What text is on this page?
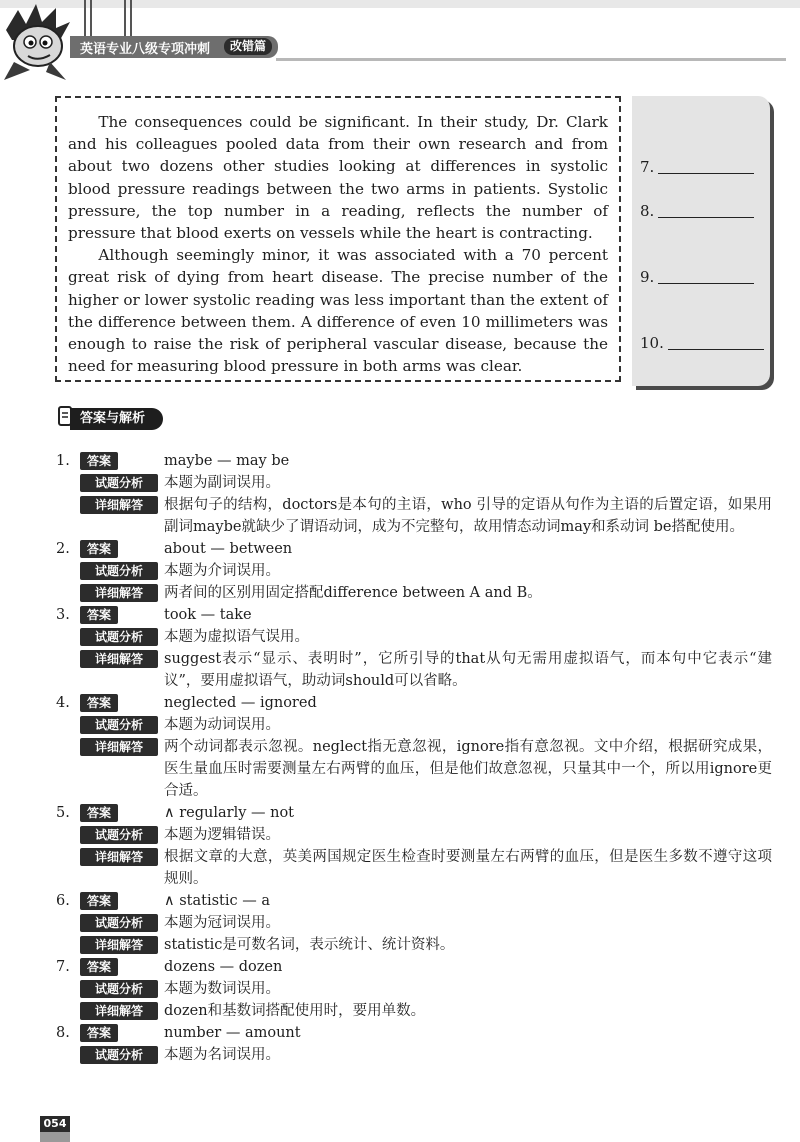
英语专业八级专项冲刺	改错篇

The consequences could be significant. In their study, Dr. Clark and his colleagues pooled data from their own research and from about two dozens other studies looking at differences in systolic blood pressure readings between the two arms in patients. Systolic pressure, the top number in a reading, reflects the number of pressure that blood exerts on vessels while the heart is contracting.

Although seemingly minor, it was associated with a 70 percent great risk of dying from heart disease. The precise number of the higher or lower systolic reading was less important than the extent of the difference between them. A difference of even 10 millimeters was enough to raise the risk of peripheral vascular disease, because the need for measuring blood pressure in both arms was clear.

7.
8.
9.
10.
答案与解析
1.	答案	maybe — may be
试题分析	本题为副词误用。
详细解答	根据句子的结构，doctors是本句的主语，who 引导的定语从句作为主语的后置定语，如果用副词maybe就缺少了谓语动词，成为不完整句，故用情态动词may和系动词 be搭配使用。
2.	答案	about — between
试题分析	本题为介词误用。
详细解答	两者间的区别用固定搭配difference between A and B。
3.	答案	took — take
试题分析	本题为虚拟语气误用。
详细解答	suggest表示“显示、表明时”，它所引导的that从句无需用虚拟语气，而本句中它表示“建议”，要用虚拟语气，助动词should可以省略。
4.	答案	neglected — ignored
试题分析	本题为动词误用。
详细解答	两个动词都表示忽视。neglect指无意忽视，ignore指有意忽视。文中介绍，根据研究成果，医生量血压时需要测量左右两臂的血压，但是他们故意忽视，只量其中一个，所以用ignore更合适。
5.	答案	∧ regularly — not
试题分析	本题为逻辑错误。
详细解答	根据文章的大意，英美两国规定医生检查时要测量左右两臂的血压，但是医生多数不遵守这项规则。
6.	答案	∧ statistic — a
试题分析	本题为冠词误用。
详细解答	statistic是可数名词，表示统计、统计资料。
7.	答案	dozens — dozen
试题分析	本题为数词误用。
详细解答	dozen和基数词搭配使用时，要用单数。
8.	答案	number — amount
试题分析	本题为名词误用。
054
